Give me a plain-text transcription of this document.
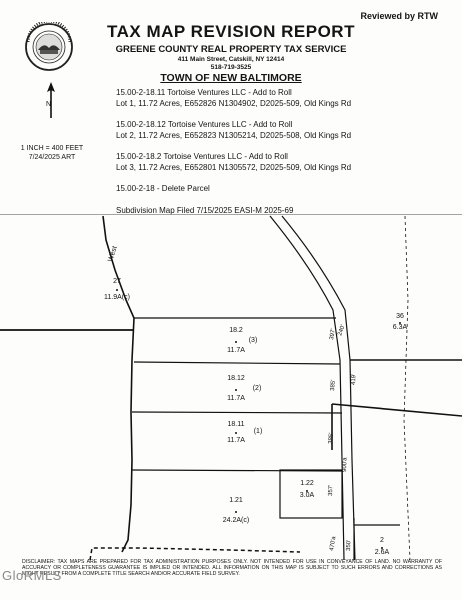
Reviewed by RTW
TAX MAP REVISION REPORT
GREENE COUNTY REAL PROPERTY TAX SERVICE
411 Main Street, Catskill, NY 12414
518-719-3525
TOWN OF NEW BALTIMORE
N
1 INCH = 400 FEET
7/24/2025 ART
15.00-2-18.11 Tortoise Ventures LLC - Add to Roll
Lot 1, 11.72 Acres, E652826 N1304902, D2025-509, Old Kings Rd
15.00-2-18.12 Tortoise Ventures LLC - Add to Roll
Lot 2, 11.72 Acres, E652823 N1305214, D2025-508, Old Kings Rd
15.00-2-18.2 Tortoise Ventures LLC - Add to Roll
Lot 3, 11.72 Acres, E652801 N1305572, D2025-509, Old Kings Rd
15.00-2-18 - Delete Parcel
Subdivision Map Filed 7/15/2025 EASI-M 2025-69
West
27
11.9A(c)
18.2
(3)
11.7A
18.12
(2)
11.7A
18.11
(1)
11.7A
36
6.3A
1.22
3.0A
1.21
24.2A(c)
2
2.6A
397' 240'
419'
385'
385'
900'a
357'
470'a 350'
DISCLAIMER: TAX MAPS ARE PREPARED FOR TAX ADMINISTRATION PURPOSES ONLY. NOT INTENDED FOR USE IN CONVEYANCE OF LAND. NO WARRANTY OF ACCURACY OR COMPLETENESS GUARANTEE IS IMPLIED OR INTENDED. ALL INFORMATION ON THIS MAP IS SUBJECT TO SUCH ERRORS AND CORRECTIONS AS MIGHT RESULT FROM A COMPLETE TITLE SEARCH AND/OR ACCURATE FIELD SURVEY.
GloRMLS
